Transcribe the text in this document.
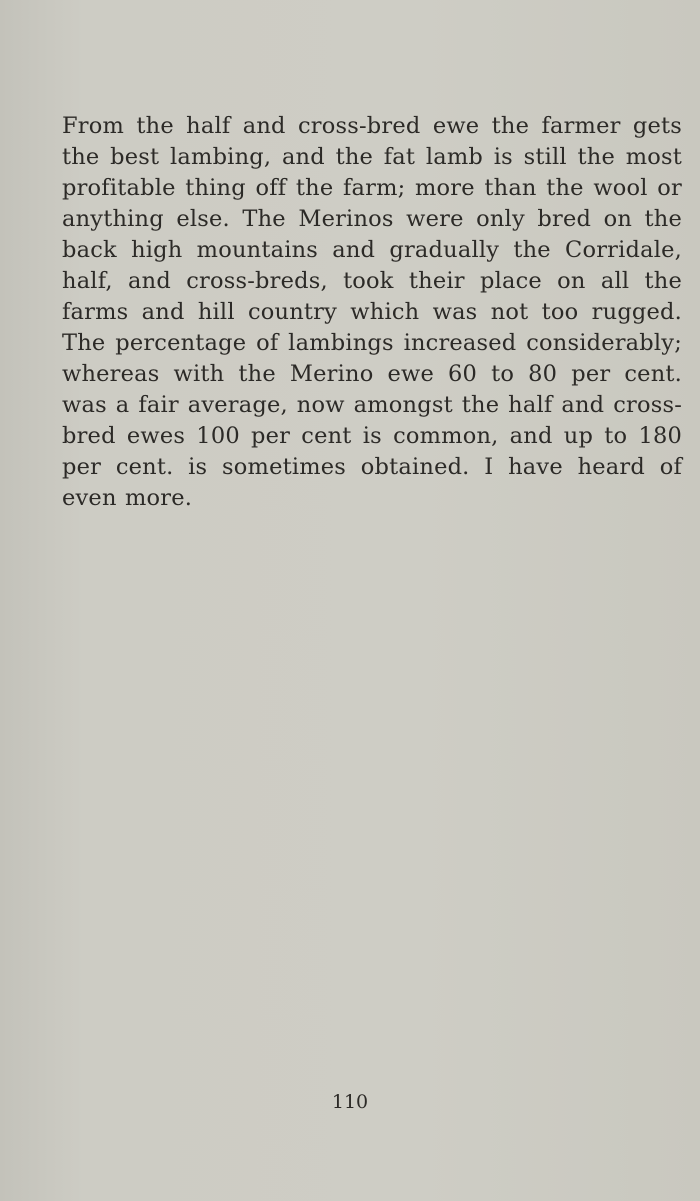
From the half and cross-bred ewe the farmer gets the best lambing, and the fat lamb is still the most profitable thing off the farm; more than the wool or anything else. The Merinos were only bred on the back high mountains and gradually the Corridale, half, and cross-breds, took their place on all the farms and hill country which was not too rugged. The percentage of lambings increased considerably; whereas with the Merino ewe 60 to 80 per cent. was a fair average, now amongst the half and cross-bred ewes 100 per cent is common, and up to 180 per cent. is sometimes obtained. I have heard of even more.

110
